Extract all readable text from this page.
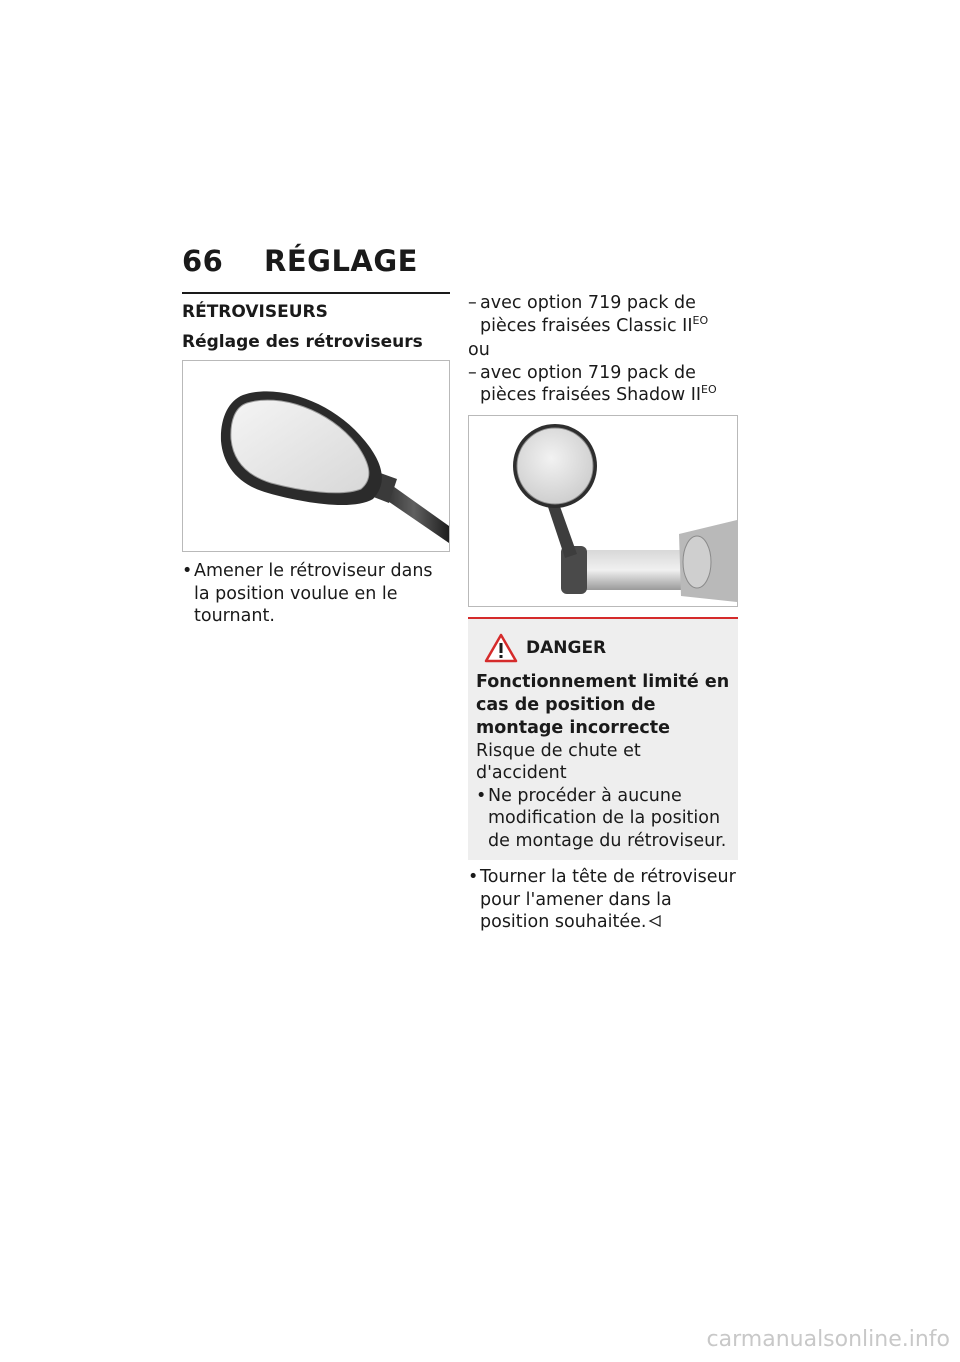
66 RÉGLAGE
RÉTROVISEURS
Réglage des rétroviseurs
• Amener le rétroviseur dans la position voulue en le tournant.
– avec option 719 pack de pièces fraisées Classic $II^{EO}$
ou
– avec option 719 pack de pièces fraisées Shadow $II^{EO}$
DANGER
Fonctionnement limité en cas de position de montage incorrecte
Risque de chute et d'accident
• Ne procéder à aucune modification de la position de montage du rétroviseur.
• Tourner la tête de rétroviseur pour l'amener dans la position souhaitée.
carmanualsonline.info
